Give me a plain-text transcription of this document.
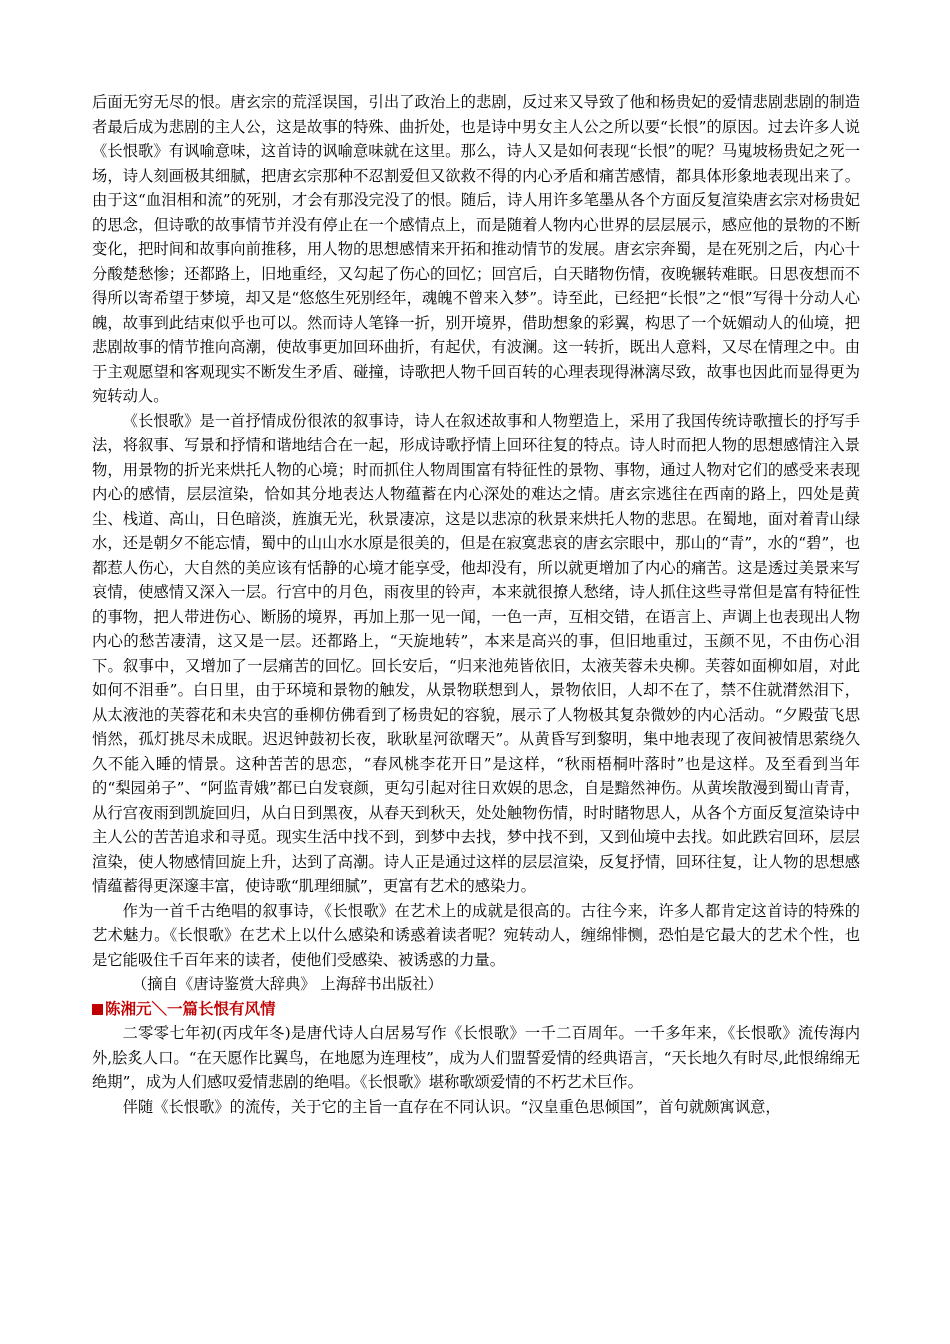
后面无穷无尽的恨。唐玄宗的荒淫误国，引出了政治上的悲剧，反过来又导致了他和杨贵妃的爱情悲剧悲剧的制造者最后成为悲剧的主人公，这是故事的特殊、曲折处，也是诗中男女主人公之所以要“长恨”的原因。过去许多人说《长恨歌》有讽喻意味，这首诗的讽喻意味就在这里。那么，诗人又是如何表现“长恨”的呢？马嵬坡杨贵妃之死一场，诗人刻画极其细腻，把唐玄宗那种不忍割爱但又欲救不得的内心矛盾和痛苦感情，都具体形象地表现出来了。由于这“血泪相和流”的死别，才会有那没完没了的恨。随后，诗人用许多笔墨从各个方面反复渲染唐玄宗对杨贵妃的思念，但诗歌的故事情节并没有停止在一个感情点上，而是随着人物内心世界的层层展示，感应他的景物的不断变化，把时间和故事向前推移，用人物的思想感情来开拓和推动情节的发展。唐玄宗奔蜀，是在死别之后，内心十分酸楚愁惨；还都路上，旧地重经，又勾起了伤心的回忆；回宫后，白天睹物伤情，夜晚辗转难眠。日思夜想而不得所以寄希望于梦境，却又是“悠悠生死别经年，魂魄不曾来入梦”。诗至此，已经把“长恨”之“恨”写得十分动人心魄，故事到此结束似乎也可以。然而诗人笔锋一折，别开境界，借助想象的彩翼，构思了一个妩媚动人的仙境，把悲剧故事的情节推向高潮，使故事更加回环曲折，有起伏，有波澜。这一转折，既出人意料，又尽在情理之中。由于主观愿望和客观现实不断发生矛盾、碰撞，诗歌把人物千回百转的心理表现得淋漓尽致，故事也因此而显得更为宛转动人。

《长恨歌》是一首抒情成份很浓的叙事诗，诗人在叙述故事和人物塑造上，采用了我国传统诗歌擅长的抒写手法，将叙事、写景和抒情和谐地结合在一起，形成诗歌抒情上回环往复的特点。诗人时而把人物的思想感情注入景物，用景物的折光来烘托人物的心境；时而抓住人物周围富有特征性的景物、事物，通过人物对它们的感受来表现内心的感情，层层渲染，恰如其分地表达人物蕴蓄在内心深处的难达之情。唐玄宗逃往在西南的路上，四处是黄尘、栈道、高山，日色暗淡，旌旗无光，秋景凄凉，这是以悲凉的秋景来烘托人物的悲思。在蜀地，面对着青山绿水，还是朝夕不能忘情，蜀中的山山水水原是很美的，但是在寂寞悲哀的唐玄宗眼中，那山的“青”，水的“碧”，也都惹人伤心，大自然的美应该有恬静的心境才能享受，他却没有，所以就更增加了内心的痛苦。这是透过美景来写哀情，使感情又深入一层。行宫中的月色，雨夜里的铃声，本来就很撩人愁绪，诗人抓住这些寻常但是富有特征性的事物，把人带进伤心、断肠的境界，再加上那一见一闻，一色一声，互相交错，在语言上、声调上也表现出人物内心的愁苦凄清，这又是一层。还都路上，“天旋地转”，本来是高兴的事，但旧地重过，玉颜不见，不由伤心泪下。叙事中，又增加了一层痛苦的回忆。回长安后，“归来池苑皆依旧，太液芙蓉未央柳。芙蓉如面柳如眉，对此如何不泪垂”。白日里，由于环境和景物的触发，从景物联想到人，景物依旧，人却不在了，禁不住就潸然泪下，从太液池的芙蓉花和未央宫的垂柳仿佛看到了杨贵妃的容貌，展示了人物极其复杂微妙的内心活动。“夕殿萤飞思悄然，孤灯挑尽未成眠。迟迟钟鼓初长夜，耿耿星河欲曙天”。从黄昏写到黎明，集中地表现了夜间被情思萦绕久久不能入睡的情景。这种苦苦的思恋，“春风桃李花开日”是这样，“秋雨梧桐叶落时”也是这样。及至看到当年的“梨园弟子”、“阿监青娥”都已白发衰颜，更勾引起对往日欢娱的思念，自是黯然神伤。从黄埃散漫到蜀山青青，从行宫夜雨到凯旋回归，从白日到黑夜，从春天到秋天，处处触物伤情，时时睹物思人，从各个方面反复渲染诗中主人公的苦苦追求和寻觅。现实生活中找不到，到梦中去找，梦中找不到，又到仙境中去找。如此跌宕回环，层层渲染，使人物感情回旋上升，达到了高潮。诗人正是通过这样的层层渲染，反复抒情，回环往复，让人物的思想感情蕴蓄得更深邃丰富，使诗歌“肌理细腻”，更富有艺术的感染力。

作为一首千古绝唱的叙事诗，《长恨歌》在艺术上的成就是很高的。古往今来，许多人都肯定这首诗的特殊的艺术魅力。《长恨歌》在艺术上以什么感染和诱惑着读者呢？宛转动人，缠绵悱恻，恐怕是它最大的艺术个性，也是它能吸住千百年来的读者，使他们受感染、被诱惑的力量。

（摘自《唐诗鉴赏大辞典》 上海辞书出版社）

陈湘元＼一篇长恨有风情

二零零七年初(丙戌年冬)是唐代诗人白居易写作《长恨歌》一千二百周年。一千多年来，《长恨歌》流传海内外,脍炙人口。“在天愿作比翼鸟，在地愿为连理枝”，成为人们盟誓爱情的经典语言，“天长地久有时尽,此恨绵绵无绝期”，成为人们感叹爱情悲剧的绝唱。《长恨歌》堪称歌颂爱情的不朽艺术巨作。

伴随《长恨歌》的流传，关于它的主旨一直存在不同认识。“汉皇重色思倾国”，首句就颇寓讽意，
